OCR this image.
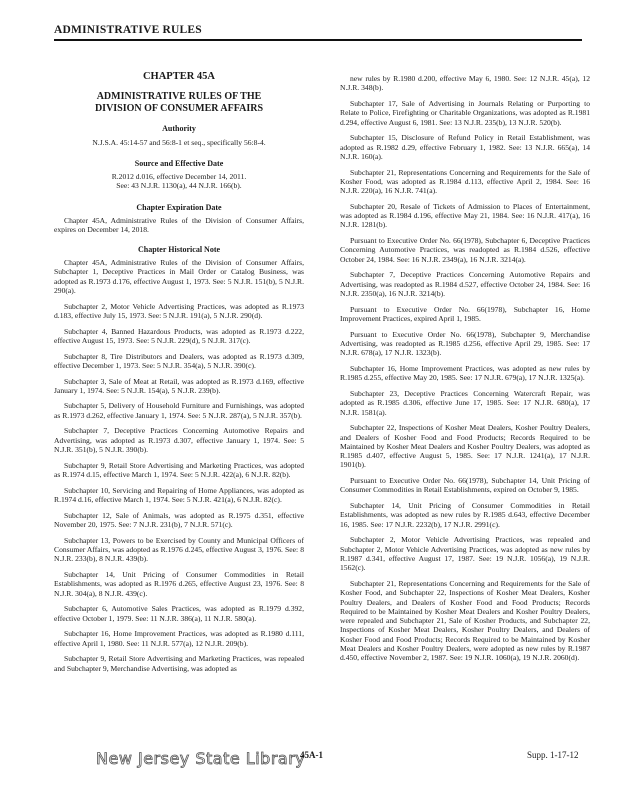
ADMINISTRATIVE RULES
CHAPTER 45A
ADMINISTRATIVE RULES OF THE
DIVISION OF CONSUMER AFFAIRS
Authority
N.J.S.A. 45:14-57 and 56:8-1 et seq., specifically 56:8-4.
Source and Effective Date
R.2012 d.016, effective December 14, 2011.
See: 43 N.J.R. 1130(a), 44 N.J.R. 166(b).
Chapter Expiration Date

Chapter 45A, Administrative Rules of the Division of Consumer Affairs, expires on December 14, 2018.

Chapter Historical Note

Chapter 45A, Administrative Rules of the Division of Consumer Affairs, Subchapter 1, Deceptive Practices in Mail Order or Catalog Business, was adopted as R.1973 d.176, effective August 1, 1973. See: 5 N.J.R. 151(b), 5 N.J.R. 290(a).

Subchapter 2, Motor Vehicle Advertising Practices, was adopted as R.1973 d.183, effective July 15, 1973. See: 5 N.J.R. 191(a), 5 N.J.R. 290(d).

Subchapter 4, Banned Hazardous Products, was adopted as R.1973 d.222, effective August 15, 1973. See: 5 N.J.R. 229(d), 5 N.J.R. 317(c).

Subchapter 8, Tire Distributors and Dealers, was adopted as R.1973 d.309, effective December 1, 1973. See: 5 N.J.R. 354(a), 5 N.J.R. 390(c).

Subchapter 3, Sale of Meat at Retail, was adopted as R.1973 d.169, effective January 1, 1974. See: 5 N.J.R. 154(a), 5 N.J.R. 239(b).

Subchapter 5, Delivery of Household Furniture and Furnishings, was adopted as R.1973 d.262, effective January 1, 1974. See: 5 N.J.R. 287(a), 5 N.J.R. 357(b).

Subchapter 7, Deceptive Practices Concerning Automotive Repairs and Advertising, was adopted as R.1973 d.307, effective January 1, 1974. See: 5 N.J.R. 351(b), 5 N.J.R. 390(b).

Subchapter 9, Retail Store Advertising and Marketing Practices, was adopted as R.1974 d.15, effective March 1, 1974. See: 5 N.J.R. 422(a), 6 N.J.R. 82(b).

Subchapter 10, Servicing and Repairing of Home Appliances, was adopted as R.1974 d.16, effective March 1, 1974. See: 5 N.J.R. 421(a), 6 N.J.R. 82(c).

Subchapter 12, Sale of Animals, was adopted as R.1975 d.351, effective November 20, 1975. See: 7 N.J.R. 231(b), 7 N.J.R. 571(c).

Subchapter 13, Powers to be Exercised by County and Municipal Officers of Consumer Affairs, was adopted as R.1976 d.245, effective August 3, 1976. See: 8 N.J.R. 233(b), 8 N.J.R. 439(b).

Subchapter 14, Unit Pricing of Consumer Commodities in Retail Establishments, was adopted as R.1976 d.265, effective August 23, 1976. See: 8 N.J.R. 304(a), 8 N.J.R. 439(c).

Subchapter 6, Automotive Sales Practices, was adopted as R.1979 d.392, effective October 1, 1979. See: 11 N.J.R. 386(a), 11 N.J.R. 580(a).

Subchapter 16, Home Improvement Practices, was adopted as R.1980 d.111, effective April 1, 1980. See: 11 N.J.R. 577(a), 12 N.J.R. 209(b).

Subchapter 9, Retail Store Advertising and Marketing Practices, was repealed and Subchapter 9, Merchandise Advertising, was adopted as

new rules by R.1980 d.200, effective May 6, 1980. See: 12 N.J.R. 45(a), 12 N.J.R. 348(b).

Subchapter 17, Sale of Advertising in Journals Relating or Purporting to Relate to Police, Firefighting or Charitable Organizations, was adopted as R.1981 d.294, effective August 6, 1981. See: 13 N.J.R. 235(b), 13 N.J.R. 520(b).

Subchapter 15, Disclosure of Refund Policy in Retail Establishment, was adopted as R.1982 d.29, effective February 1, 1982. See: 13 N.J.R. 665(a), 14 N.J.R. 160(a).

Subchapter 21, Representations Concerning and Requirements for the Sale of Kosher Food, was adopted as R.1984 d.113, effective April 2, 1984. See: 16 N.J.R. 220(a), 16 N.J.R. 741(a).

Subchapter 20, Resale of Tickets of Admission to Places of Entertainment, was adopted as R.1984 d.196, effective May 21, 1984. See: 16 N.J.R. 417(a), 16 N.J.R. 1281(b).

Pursuant to Executive Order No. 66(1978), Subchapter 6, Deceptive Practices Concerning Automotive Practices, was readopted as R.1984 d.526, effective October 24, 1984. See: 16 N.J.R. 2349(a), 16 N.J.R. 3214(a).

Subchapter 7, Deceptive Practices Concerning Automotive Repairs and Advertising, was readopted as R.1984 d.527, effective October 24, 1984. See: 16 N.J.R. 2350(a), 16 N.J.R. 3214(b).

Pursuant to Executive Order No. 66(1978), Subchapter 16, Home Improvement Practices, expired April 1, 1985.

Pursuant to Executive Order No. 66(1978), Subchapter 9, Merchandise Advertising, was readopted as R.1985 d.256, effective April 29, 1985. See: 17 N.J.R. 678(a), 17 N.J.R. 1323(b).

Subchapter 16, Home Improvement Practices, was adopted as new rules by R.1985 d.255, effective May 20, 1985. See: 17 N.J.R. 679(a), 17 N.J.R. 1325(a).

Subchapter 23, Deceptive Practices Concerning Watercraft Repair, was adopted as R.1985 d.306, effective June 17, 1985. See: 17 N.J.R. 680(a), 17 N.J.R. 1581(a).

Subchapter 22, Inspections of Kosher Meat Dealers, Kosher Poultry Dealers, and Dealers of Kosher Food and Food Products; Records Required to be Maintained by Kosher Meat Dealers and Kosher Poultry Dealers, was adopted as R.1985 d.407, effective August 5, 1985. See: 17 N.J.R. 1241(a), 17 N.J.R. 1901(b).

Pursuant to Executive Order No. 66(1978), Subchapter 14, Unit Pricing of Consumer Commodities in Retail Establishments, expired on October 9, 1985.

Subchapter 14, Unit Pricing of Consumer Commodities in Retail Establishments, was adopted as new rules by R.1985 d.643, effective December 16, 1985. See: 17 N.J.R. 2232(b), 17 N.J.R. 2991(c).

Subchapter 2, Motor Vehicle Advertising Practices, was repealed and Subchapter 2, Motor Vehicle Advertising Practices, was adopted as new rules by R.1987 d.341, effective August 17, 1987. See: 19 N.J.R. 1056(a), 19 N.J.R. 1562(c).

Subchapter 21, Representations Concerning and Requirements for the Sale of Kosher Food, and Subchapter 22, Inspections of Kosher Meat Dealers, Kosher Poultry Dealers, and Dealers of Kosher Food and Food Products; Records Required to be Maintained by Kosher Meat Dealers and Kosher Poultry Dealers, were repealed and Subchapter 21, Sale of Kosher Products, and Subchapter 22, Inspections of Kosher Meat Dealers, Kosher Poultry Dealers, and Dealers of Kosher Food and Food Products; Records Required to be Maintained by Kosher Meat Dealers and Kosher Poultry Dealers, were adopted as new rules by R.1987 d.450, effective November 2, 1987. See: 19 N.J.R. 1060(a), 19 N.J.R. 2060(d).

New Jersey State Library
45A-1	Supp. 1-17-12
